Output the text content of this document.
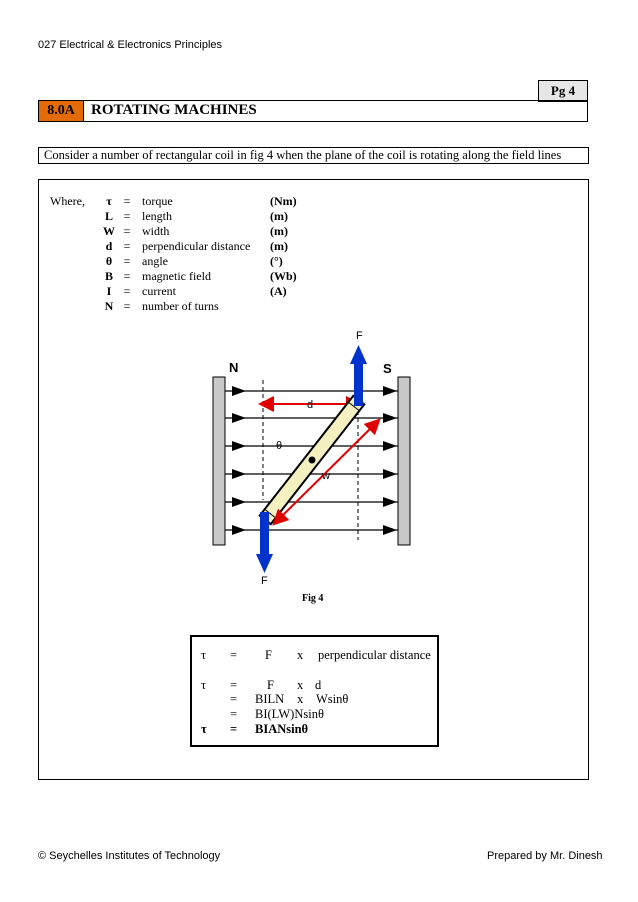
027 Electrical & Electronics Principles
Pg 4
8.0A	ROTATING MACHINES
Consider a number of rectangular coil in fig 4 when the plane of the coil is rotating along the field lines
Where, τ = torque	(Nm)
L = length	(m)
W = width	(m)
d = perpendicular distance (m)
θ = angle	(°)
B = magnetic field	(Wb)
I	= current	(A)
N = number of turns
N	S
F
F
d
θ
w
Fig 4
τ = F x perpendicular distance
τ = F x d
= BILN x Wsinθ
= BI(LW)Nsinθ
τ = BIANsinθ
© Seychelles Institutes of Technology	Prepared by Mr. Dinesh
